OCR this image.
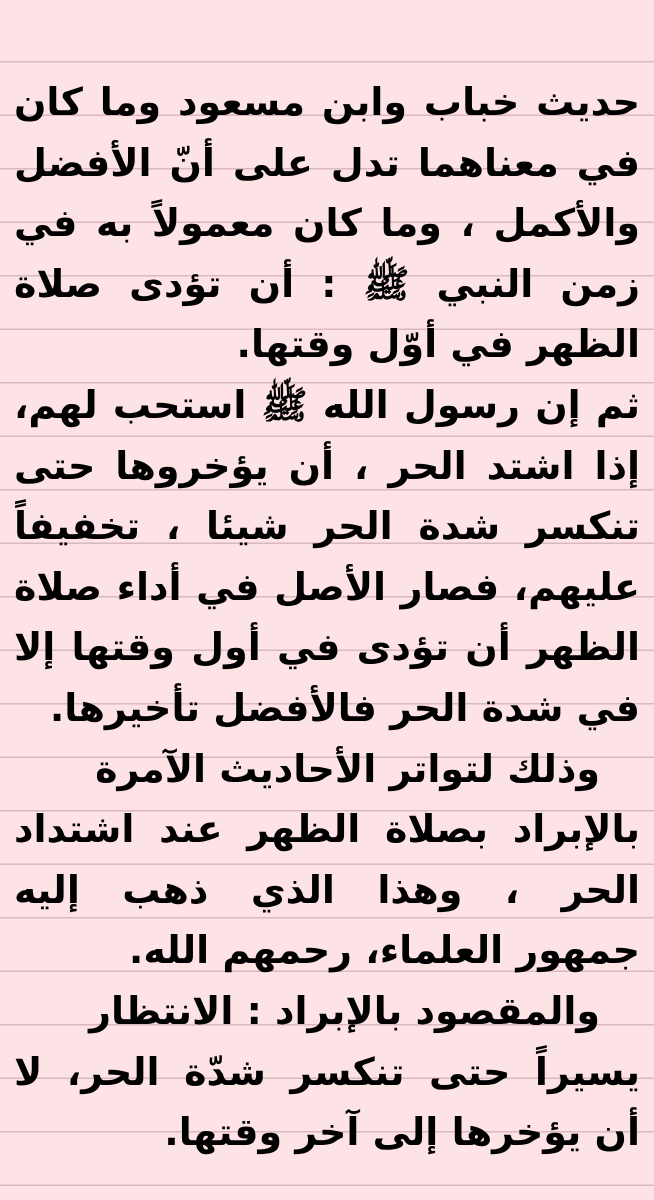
حديث خباب وابن مسعود وما كان
في معناهما تدل على أنّ الأفضل
والأكمل ، وما كان معمولاً به في
زمن النبي ﷺ : أن تؤدى صلاة
الظهر في أوّل وقتها.
ثم إن رسول الله ﷺ استحب لهم،
إذا اشتد الحر ، أن يؤخروها حتى
تنكسر شدة الحر شيئا ، تخفيفاً
عليهم، فصار الأصل في أداء صلاة
الظهر أن تؤدى في أول وقتها إلا
في شدة الحر فالأفضل تأخيرها.
وذلك لتواتر الأحاديث الآمرة
بالإبراد بصلاة الظهر عند اشتداد
الحر ، وهذا الذي ذهب إليه
جمهور العلماء، رحمهم الله.
والمقصود بالإبراد : الانتظار
يسيراً حتى تنكسر شدّة الحر، لا
أن يؤخرها إلى آخر وقتها.
